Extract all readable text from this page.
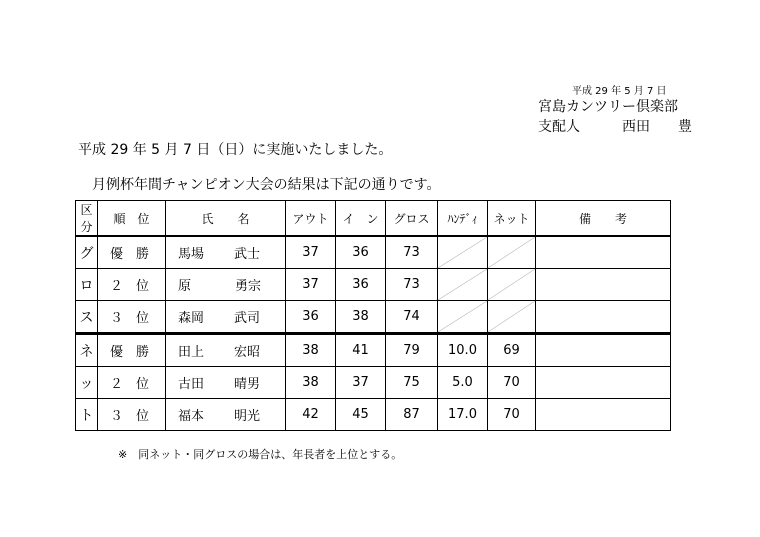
平成 29 年 5 月 7 日
宮島カンツリー倶楽部
支配人	西田　　豊
平成 29 年 5 月 7 日（日）に実施いたしました。
月例杯年間チャンピオン大会の結果は下記の通りです。
区分	順　位	氏　　名	アウト	イ　ン	グロス	ﾊﾝﾃﾞｨ	ネット	備　　考
グ	優　勝	馬場 武士	37	36	73	

ロ	２　位	原 勇宗	37	36	73	

ス	３　位	森岡 武司	36	38	74	

ネ	優　勝	田上 宏昭	38	41	79	10.0	69	
ッ	２　位	古田 晴男	38	37	75	5.0	70	
ト	３　位	福本 明光	42	45	87	17.0	70	
※　同ネット・同グロスの場合は、年長者を上位とする。
